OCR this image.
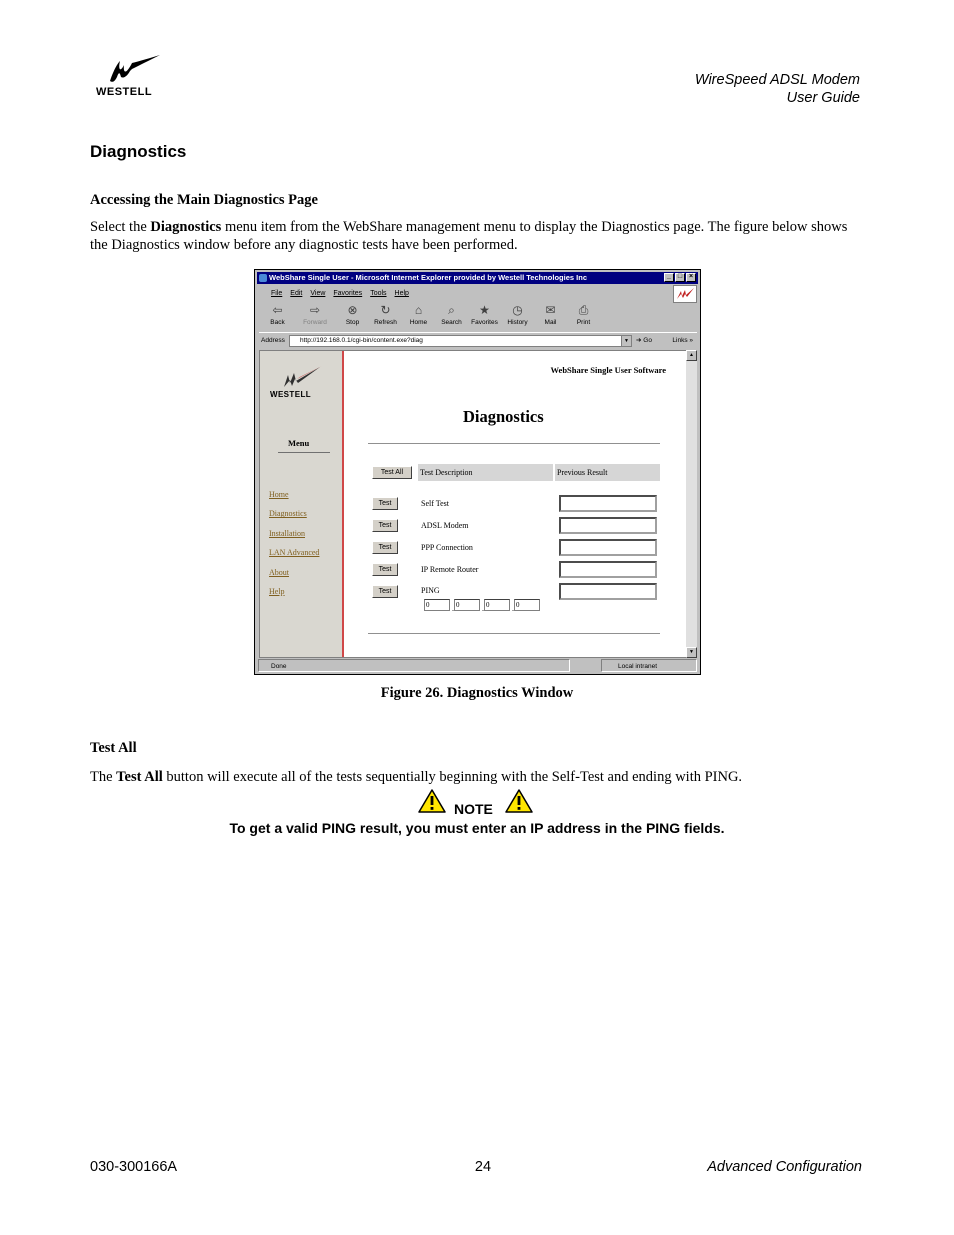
WESTELL
WireSpeed ADSL Modem
User Guide
Diagnostics
Accessing the Main Diagnostics Page
Select the Diagnostics menu item from the WebShare management menu to display the Diagnostics page. The figure below shows the Diagnostics window before any diagnostic tests have been performed.
WebShare Single User - Microsoft Internet Explorer provided by Westell Technologies Inc	_ □ ×
File Edit View Favorites Tools Help
⇦
Back
⇨
Forward
⊗
Stop
↻
Refresh
⌂
Home
⌕
Search
★
Favorites
◷
History
✉
Mail
⎙
Print
Address	http://192.168.0.1/cgi-bin/content.exe?diag	▼	➔ Go	Links »
WESTELL
Menu
Home
Diagnostics
Installation
LAN Advanced
About
Help
WebShare Single User Software
Diagnostics
Test Description	Previous Result
Test All
Test	Self Test
Test	ADSL Modem
Test	PPP Connection
Test	IP Remote Router
Test	PING
0	. 0	. 0	. 0
▲
▼
Done	Local intranet
Figure 26. Diagnostics Window
Test All
The Test All button will execute all of the tests sequentially beginning with the Self-Test and ending with PING.
NOTE
To get a valid PING result, you must enter an IP address in the PING fields.
030-300166A	24	Advanced Configuration
